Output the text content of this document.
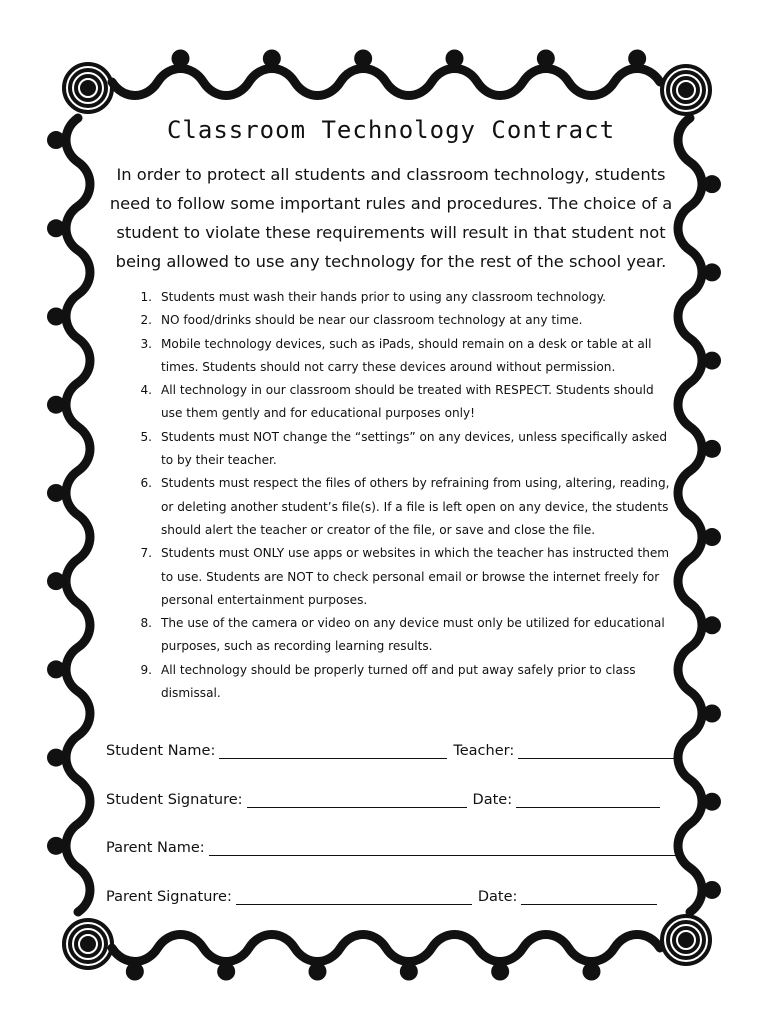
Classroom Technology Contract

In order to protect all students and classroom technology, students need to follow some important rules and procedures. The choice of a student to violate these requirements will result in that student not being allowed to use any technology for the rest of the school year.

1. Students must wash their hands prior to using any classroom technology.
2. NO food/drinks should be near our classroom technology at any time.
3. Mobile technology devices, such as iPads, should remain on a desk or table at all times. Students should not carry these devices around without permission.
4. All technology in our classroom should be treated with RESPECT. Students should use them gently and for educational purposes only!
5. Students must NOT change the “settings” on any devices, unless specifically asked to by their teacher.
6. Students must respect the files of others by refraining from using, altering, reading, or deleting another student’s file(s). If a file is left open on any device, the students should alert the teacher or creator of the file, or save and close the file.
7. Students must ONLY use apps or websites in which the teacher has instructed them to use. Students are NOT to check personal email or browse the internet freely for personal entertainment purposes.
8. The use of the camera or video on any device must only be utilized for educational purposes, such as recording learning results.
9. All technology should be properly turned off and put away safely prior to class dismissal.
Student Name:	Teacher:
Student Signature:	Date:
Parent Name:
Parent Signature:	Date:
